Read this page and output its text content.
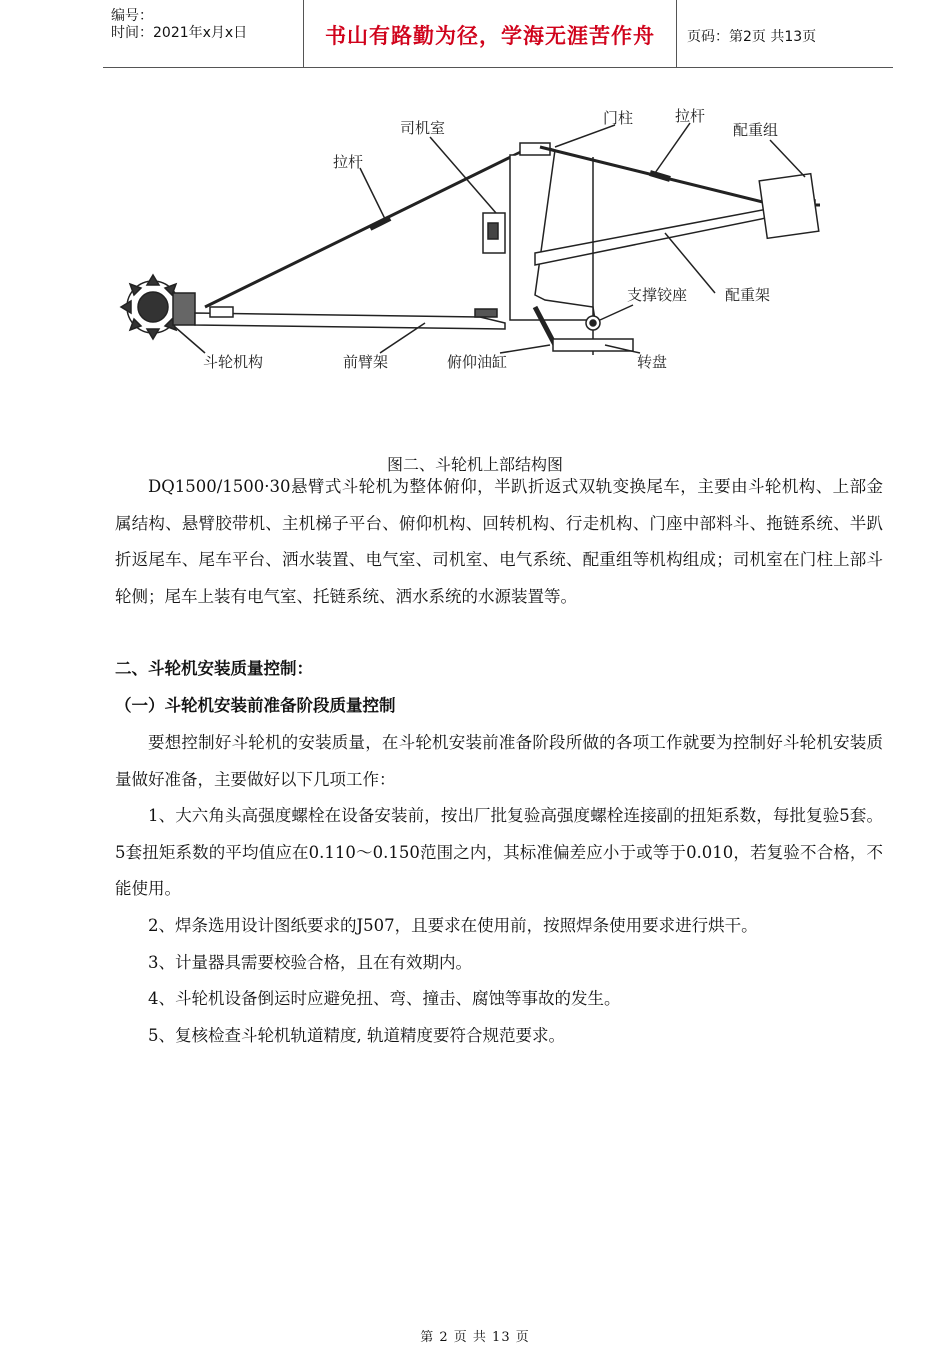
编号：
时间：2021年x月x日	书山有路勤为径，学海无涯苦作舟	页码：第2页 共13页
司机室
门柱	拉杆
配重组
拉杆
支撑铰座	配重架
斗轮机构	前臂架	俯仰油缸	转盘
图二、斗轮机上部结构图

DQ1500/1500·30悬臂式斗轮机为整体俯仰，半趴折返式双轨变换尾车，主要由斗轮机构、上部金属结构、悬臂胶带机、主机梯子平台、俯仰机构、回转机构、行走机构、门座中部料斗、拖链系统、半趴折返尾车、尾车平台、洒水装置、电气室、司机室、电气系统、配重组等机构组成；司机室在门柱上部斗轮侧；尾车上装有电气室、托链系统、洒水系统的水源装置等。

二、斗轮机安装质量控制：

（一）斗轮机安装前准备阶段质量控制

要想控制好斗轮机的安装质量，在斗轮机安装前准备阶段所做的各项工作就要为控制好斗轮机安装质量做好准备，主要做好以下几项工作：

1、大六角头高强度螺栓在设备安装前，按出厂批复验高强度螺栓连接副的扭矩系数，每批复验5套。5套扭矩系数的平均值应在0.110～0.150范围之内，其标准偏差应小于或等于0.010，若复验不合格，不能使用。

2、焊条选用设计图纸要求的J507，且要求在使用前，按照焊条使用要求进行烘干。

3、计量器具需要校验合格，且在有效期内。

4、斗轮机设备倒运时应避免扭、弯、撞击、腐蚀等事故的发生。

5、复核检查斗轮机轨道精度, 轨道精度要符合规范要求。

第 2 页 共 13 页
